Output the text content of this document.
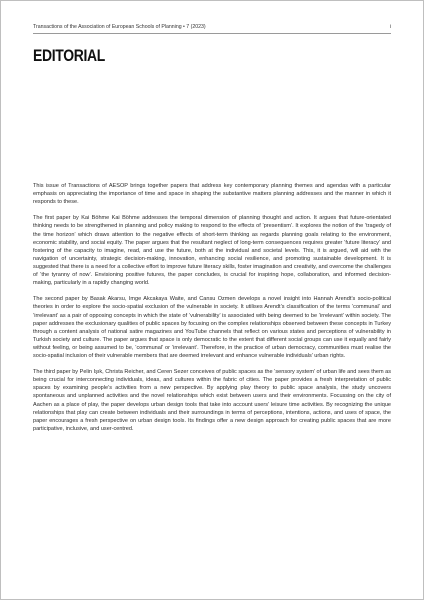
Transactions of the Association of European Schools of Planning • 7 (2023)	i
EDITORIAL

This issue of Transactions of AESOP brings together papers that address key contemporary planning themes and agendas with a particular emphasis on appreciating the importance of time and space in shaping the substantive matters planning addresses and the manner in which it responds to these.

The first paper by Kai Böhme Kai Böhme addresses the temporal dimension of planning thought and action. It argues that future-orientated thinking needs to be strengthened in planning and policy making to respond to the effects of ‘presentism’. It explores the notion of the ‘tragedy of the time horizon’ which draws attention to the negative effects of short-term thinking as regards planning goals relating to the environment, economic stability, and social equity. The paper argues that the resultant neglect of long-term consequences requires greater ‘future literacy’ and fostering of the capacity to imagine, read, and use the future, both at the individual and societal levels. This, it is argued, will aid with the navigation of uncertainty, strategic decision-making, innovation, enhancing social resilience, and promoting sustainable development. It is suggested that there is a need for a collective effort to improve future literacy skills, foster imagination and creativity, and overcome the challenges of ‘the tyranny of now’. Envisioning positive futures, the paper concludes, is crucial for inspiring hope, collaboration, and informed decision-making, particularly in a rapidly changing world.

The second paper by Basak Akarsu, Imge Akcakaya Waite, and Cansu Ozmen develops a novel insight into Hannah Arendt’s socio-political theories in order to explore the socio-spatial exclusion of the vulnerable in society. It utilises Arendt’s classification of the terms ‘communal’ and ‘irrelevant’ as a pair of opposing concepts in which the state of ‘vulnerability’ is associated with being deemed to be ‘irrelevant’ within society. The paper addresses the exclusionary qualities of public spaces by focusing on the complex relationships observed between these concepts in Turkey through a content analysis of national satire magazines and YouTube channels that reflect on various states and perceptions of vulnerability in Turkish society and culture. The paper argues that space is only democratic to the extent that different social groups can use it equally and fairly without feeling, or being assumed to be, ‘communal’ or ‘irrelevant’. Therefore, in the practice of urban democracy, communities must realise the socio-spatial inclusion of their vulnerable members that are deemed irrelevant and enhance vulnerable individuals’ urban rights.

The third paper by Pelin Işık, Christa Reicher, and Ceren Sezer conceives of public spaces as the ‘sensory system’ of urban life and sees them as being crucial for interconnecting individuals, ideas, and cultures within the fabric of cities. The paper provides a fresh interpretation of public spaces by examining people’s activities from a new perspective. By applying play theory to public space analysis, the study uncovers spontaneous and unplanned activities and the novel relationships which exist between users and their environments. Focussing on the city of Aachen as a place of play, the paper develops urban design tools that take into account users’ leisure time activities. By recognizing the unique relationships that play can create between individuals and their surroundings in terms of perceptions, intentions, actions, and uses of space, the paper encourages a fresh perspective on urban design tools. Its findings offer a new design approach for creating public spaces that are more participative, inclusive, and user-centred.
